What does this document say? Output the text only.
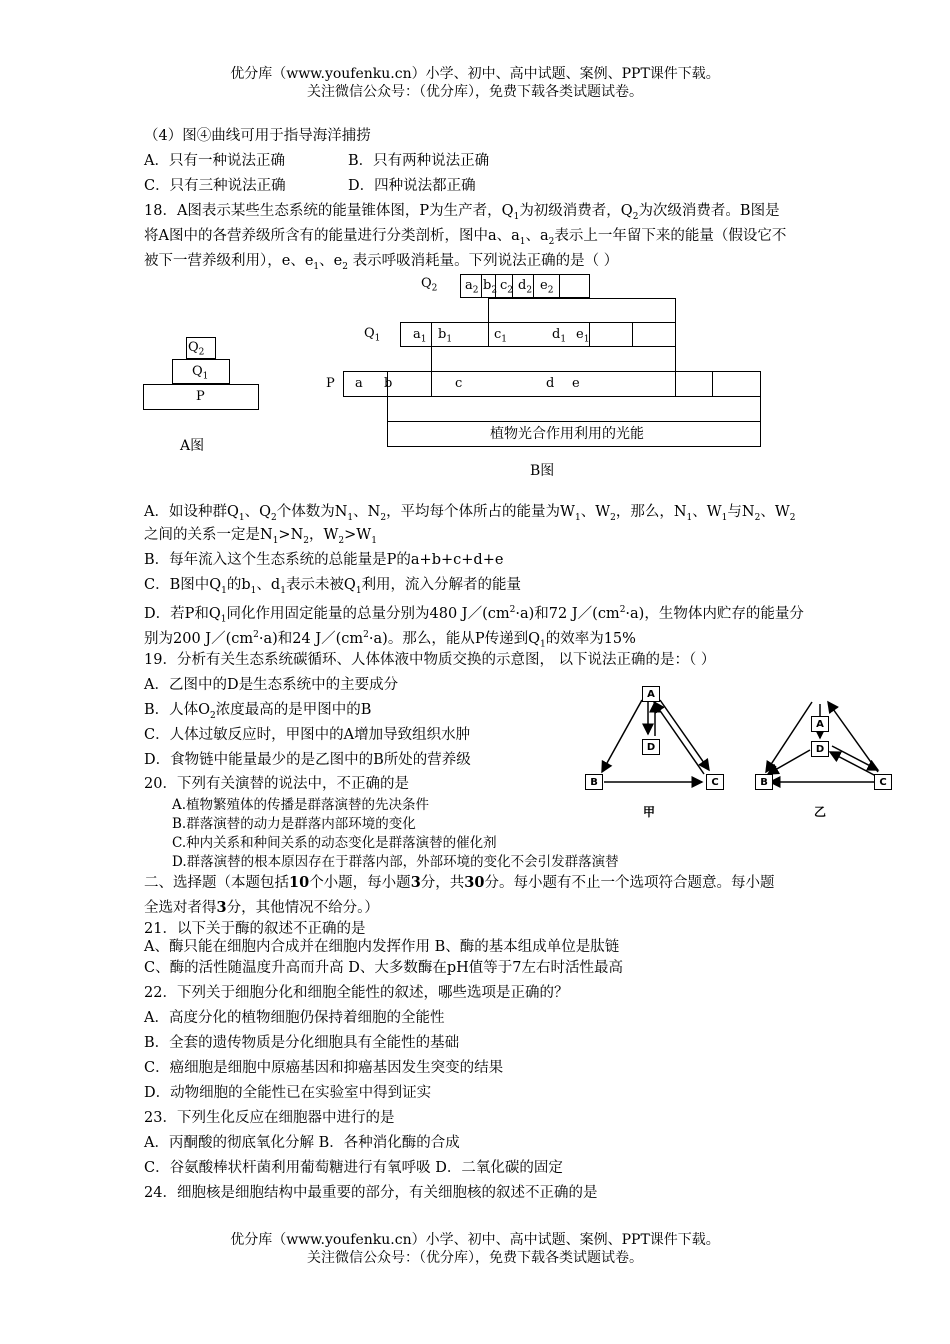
优分库（www.youfenku.cn）小学、初中、高中试题、案例、PPT课件下载。
关注微信公众号：（优分库），免费下载各类试题试卷。
（4）图④曲线可用于指导海洋捕捞
A．只有一种说法正确	B．只有两种说法正确
C．只有三种说法正确	D．四种说法都正确
18．A图表示某些生态系统的能量锥体图，P为生产者，$Q_1$为初级消费者，$Q_2$为次级消费者。B图是
将A图中的各营养级所含有的能量进行分类剖析，图中a、$a_1$、$a_2$表示上一年留下来的能量（假设它不
被下一营养级利用），e、$e_1$、$e_2$ 表示呼吸消耗量。下列说法正确的是（ ）
$Q_2$
$Q_1$
P
A图
$Q_2$ $a_2$ $b_2$ $c_2$ $d_2$ $e_2$
$Q_1$	$a_1$ $b_1$	$c_1$	$d_1$ $e_1$
P a b	c	d e
植物光合作用利用的光能
B图
A．如设种群$Q_1$、$Q_2$个体数为$N_1$、$N_2$，平均每个体所占的能量为$W_1$、$W_2$，那么，$N_1$、$W_1$与$N_2$、$W_2$
之间的关系一定是$N_1>N_2$，$W_2>W_1$
B．每年流入这个生态系统的总能量是P的a+b+c+d+e
C．B图中$Q_1$的$b_1$、$d_1$表示未被$Q_1$利用，流入分解者的能量
D．若P和$Q_1$同化作用固定能量的总量分别为480 $J/(cm^2\cdot a)$和72 $J/(cm^2\cdot a)$，生物体内贮存的能量分
别为200 $J/(cm^2\cdot a)$和24 $J/(cm^2\cdot a)$。那么，能从P传递到$Q_1$的效率为15%
19．分析有关生态系统碳循环、人体体液中物质交换的示意图， 以下说法正确的是：（ ）
A．乙图中的D是生态系统中的主要成分
B．人体$O_2$浓度最高的是甲图中的B
C．人体过敏反应时，甲图中的A增加导致组织水肿
D．食物链中能量最少的是乙图中的B所处的营养级
A
D
B	C
甲
A
D
B	C
乙
20．下列有关演替的说法中，不正确的是
A.植物繁殖体的传播是群落演替的先决条件
B.群落演替的动力是群落内部环境的变化
C.种内关系和种间关系的动态变化是群落演替的催化剂
D.群落演替的根本原因存在于群落内部，外部环境的变化不会引发群落演替
二、选择题（本题包括10个小题，每小题3分，共30分。每小题有不止一个选项符合题意。每小题
全选对者得3分，其他情况不给分。）
21．以下关于酶的叙述不正确的是
A、酶只能在细胞内合成并在细胞内发挥作用 B、酶的基本组成单位是肽链
C、酶的活性随温度升高而升高 D、大多数酶在pH值等于7左右时活性最高
22．下列关于细胞分化和细胞全能性的叙述，哪些选项是正确的？
A．高度分化的植物细胞仍保持着细胞的全能性
B．全套的遗传物质是分化细胞具有全能性的基础
C．癌细胞是细胞中原癌基因和抑癌基因发生突变的结果
D．动物细胞的全能性已在实验室中得到证实
23．下列生化反应在细胞器中进行的是
A．丙酮酸的彻底氧化分解 B．各种消化酶的合成
C．谷氨酸棒状杆菌利用葡萄糖进行有氧呼吸 D．二氧化碳的固定
24．细胞核是细胞结构中最重要的部分，有关细胞核的叙述不正确的是
优分库（www.youfenku.cn）小学、初中、高中试题、案例、PPT课件下载。
关注微信公众号：（优分库），免费下载各类试题试卷。
